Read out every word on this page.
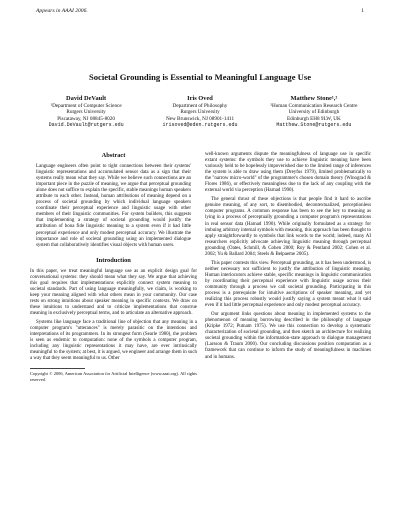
Appears in AAAI 2006.	1
Societal Grounding is Essential to Meaningful Language Use
David DeVault
¹Department of Computer Science
Rutgers University
Piscataway, NJ 08845-8020
David.DeVault@rutgers.edu
Iris Oved
Department of Philosophy
Rutgers University
New Brunswick, NJ 08901-1411
irisoved@eden.rutgers.edu
Matthew Stone¹,²
²Human Communication Research Centre
University of Edinburgh
Edinburgh EH8 9LW, UK
Matthew.Stone@rutgers.edu
Abstract

Language engineers often point to tight connections between their systems' linguistic representations and accumulated sensor data as a sign that their systems really mean what they say. While we believe such connections are an important piece in the puzzle of meaning, we argue that perceptual grounding alone does not suffice to explain the specific, stable meanings human speakers attribute to each other. Instead, human attributions of meaning depend on a process of societal grounding by which individual language speakers coordinate their perceptual experience and linguistic usage with other members of their linguistic communities. For system builders, this suggests that implementing a strategy of societal grounding would justify the attribution of bona fide linguistic meaning to a system even if it had little perceptual experience and only modest perceptual accuracy. We illustrate the importance and role of societal grounding using an implemented dialogue system that collaboratively identifies visual objects with human users.

Introduction

In this paper, we treat meaningful language use as an explicit design goal for conversational systems: they should mean what they say. We argue that achieving this goal requires that implementations explicitly connect system meaning to societal standards. Part of using language meaningfully, we claim, is working to keep your meaning aligned with what others mean in your community. Our case rests on strong intuitions about speaker meaning in specific contexts. We draw on these intuitions to understand and to criticize implementations that construe meaning in exclusively perceptual terms, and to articulate an alternative approach.

Systems like language face a traditional line of objection that any meaning in a computer program's "utterances" is merely parasitic on the intentions and interpretations of its programmers. In its strongest form (Searle 1980), the problem is seen as endemic to computation: none of the symbols a computer program, including any linguistic representations it may have, are ever intrinsically meaningful to the system; at best, it is argued, we engineer and arrange them in such a way that they seem meaningful to us. Other

Copyright © 2006, American Association for Artificial Intelligence (www.aaai.org). All rights reserved.

well-known arguments dispute the meaningfulness of language use in specific extant systems: the symbols they use to achieve linguistic meaning have been variously held to be hopelessly impoverished due to the limited range of inferences the system is able to draw using them (Dreyfus 1979), limited problematically to the "narrow micro-world" of the programmer's chosen domain theory (Winograd & Flores 1986), or effectively meaningless due to the lack of any coupling with the external world via perception (Harnad 1990).

The general thrust of these objections is that people find it hard to ascribe genuine meaning, of any sort, to disembodied, decontextualized, perceptionless computer programs. A common response has been to see the key to meaning as lying in a process of perceptually grounding a computer program's representations in real sensor data (Harnad 1990). While originally formulated as a strategy for imbuing arbitrary internal symbols with meaning, this approach has been thought to apply straightforwardly to symbols that link words to the world; indeed, many AI researchers explicitly advocate achieving linguistic meaning through perceptual grounding (Oates, Schmill, & Cohen 2000; Roy & Pentland 2002; Cohen et al. 2002; Yu & Ballard 2004; Steels & Belpaeme 2005).

This paper contests this view. Perceptual grounding, as it has been understood, is neither necessary nor sufficient to justify the attribution of linguistic meaning. Human interlocutors achieve stable, specific meanings in linguistic communication by coordinating their perceptual experience with linguistic usage across their community through a process we call societal grounding. Participating in this process is a prerequisite for intuitive ascriptions of speaker meaning, and yet realizing this process robustly would justify saying a system meant what it said even if it had little perceptual experience and only modest perceptual accuracy.

Our argument links questions about meaning in implemented systems to the phenomenon of meaning borrowing described in the philosophy of language (Kripke 1972; Putnam 1975). We use this connection to develop a systematic characterization of societal grounding, and then sketch an architecture for realizing societal grounding within the information-state approach to dialogue management (Larsson & Traum 2000). Our concluding discussions position computation as a framework that can continue to inform the study of meaningfulness in machines and in humans.
